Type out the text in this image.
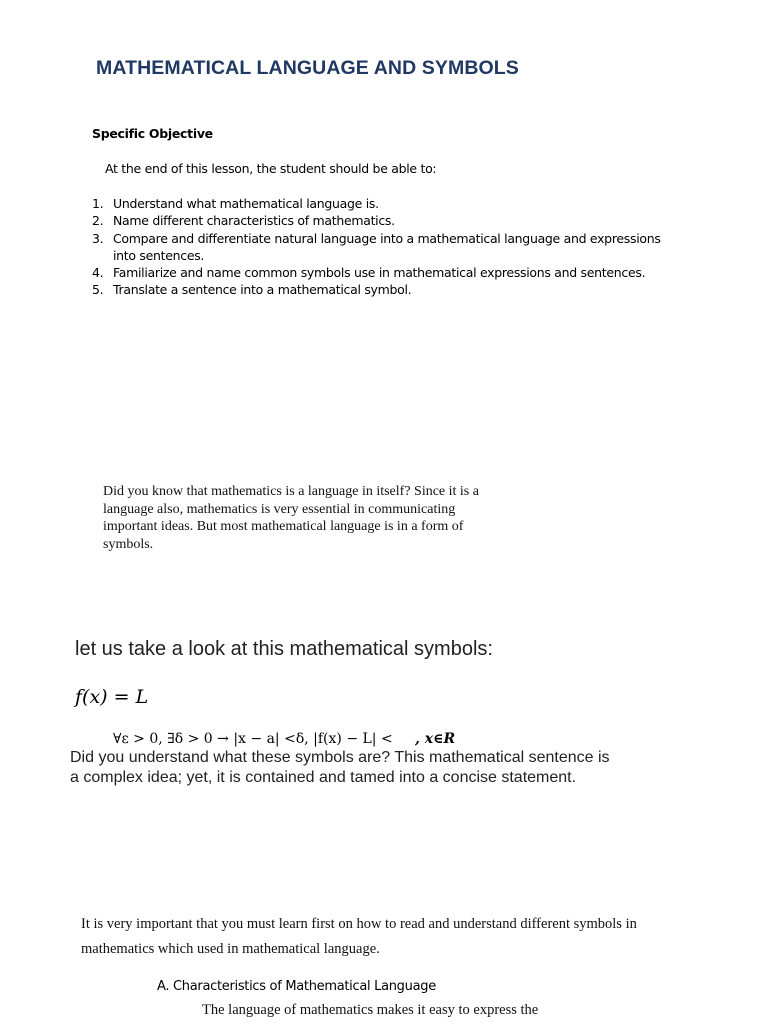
MATHEMATICAL LANGUAGE AND SYMBOLS
Specific Objective
At the end of this lesson, the student should be able to:
1. Understand what mathematical language is.
2. Name different characteristics of mathematics.
3. Compare and differentiate natural language into a mathematical language and expressions into sentences.
4. Familiarize and name common symbols use in mathematical expressions and sentences.
5. Translate a sentence into a mathematical symbol.

Did you know that mathematics is a language in itself? Since it is a language also, mathematics is very essential in communicating important ideas. But most mathematical language is in a form of symbols.

let us take a look at this mathematical symbols:
f(x) = L
∀ε > 0, ∃δ > 0 → |x − a| <δ, |f(x) − L| < , x∈R

Did you understand what these symbols are? This mathematical sentence is a complex idea; yet, it is contained and tamed into a concise statement.

It is very important that you must learn first on how to read and understand different symbols in mathematics which used in mathematical language.

A. Characteristics of Mathematical Language
The language of mathematics makes it easy to express the
